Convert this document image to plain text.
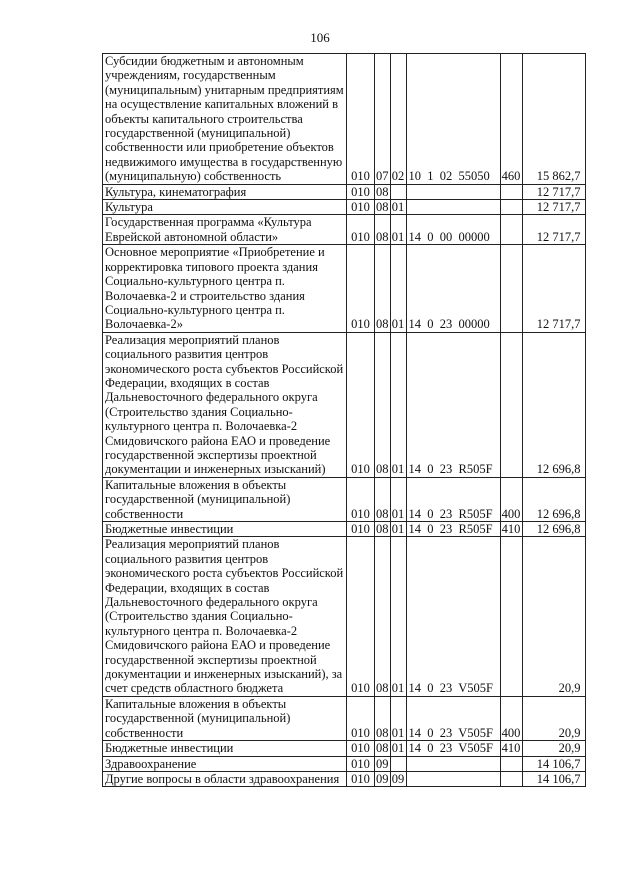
106
Субсидии бюджетным и автономным учреждениям, государственным (муниципальным) унитарным предприятиям на осуществление капитальных вложений в объекты капитального строительства государственной (муниципальной) собственности или приобретение объектов недвижимого имущества в государственную (муниципальную) собственность	010	07	02	10  1  02  55050	460	15 862,7
Культура, кинематография	010	08				12 717,7
Культура	010	08	01			12 717,7
Государственная программа «Культура Еврейской автономной области»	010	08	01	14  0  00  00000		12 717,7
Основное мероприятие «Приобретение и корректировка типового проекта здания Социально-культурного центра п. Волочаевка-2 и строительство здания Социально-культурного центра п. Волочаевка-2»	010	08	01	14  0  23  00000		12 717,7
Реализация мероприятий планов социального развития центров экономического роста субъектов Российской Федерации, входящих в состав Дальневосточного федерального округа (Строительство здания Социально-культурного центра п. Волочаевка-2 Смидовичского района ЕАО и проведение государственной экспертизы проектной документации и инженерных изысканий)	010	08	01	14  0  23  R505F		12 696,8
Капитальные вложения в объекты государственной (муниципальной) собственности	010	08	01	14  0  23  R505F	400	12 696,8
Бюджетные инвестиции	010	08	01	14  0  23  R505F	410	12 696,8
Реализация мероприятий планов социального развития центров экономического роста субъектов Российской Федерации, входящих в состав Дальневосточного федерального округа (Строительство здания Социально-культурного центра п. Волочаевка-2 Смидовичского района ЕАО и проведение государственной экспертизы проектной документации и инженерных изысканий), за счет средств областного бюджета	010	08	01	14  0  23  V505F		20,9
Капитальные вложения в объекты государственной (муниципальной) собственности	010	08	01	14  0  23  V505F	400	20,9
Бюджетные инвестиции	010	08	01	14  0  23  V505F	410	20,9
Здравоохранение	010	09				14 106,7
Другие вопросы в области здравоохранения	010	09	09			14 106,7
